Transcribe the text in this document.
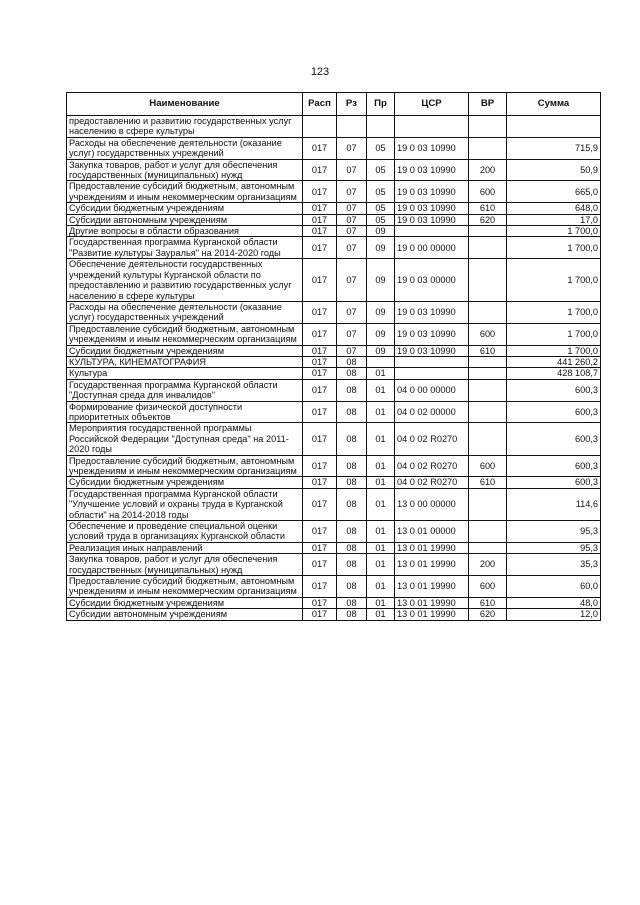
123
Наименование	Расп	Рз	Пр	ЦСР	ВР	Сумма
предоставлению и развитию государственных услуг населению в сфере культуры						
Расходы на обеспечение деятельности (оказание услуг) государственных учреждений	017	07	05	19 0 03 10990		715,9
Закупка товаров, работ и услуг для обеспечения государственных (муниципальных) нужд	017	07	05	19 0 03 10990	200	50,9
Предоставление субсидий бюджетным, автономным учреждениям и иным некоммерческим организациям	017	07	05	19 0 03 10990	600	665,0
Субсидии бюджетным учреждениям	017	07	05	19 0 03 10990	610	648,0
Субсидии автономным учреждениям	017	07	05	19 0 03 10990	620	17,0
Другие вопросы в области образования	017	07	09			1 700,0
Государственная программа Курганской области "Развитие культуры Зауралья" на 2014-2020 годы	017	07	09	19 0 00 00000		1 700,0
Обеспечение деятельности государственных учреждений культуры Курганской области по предоставлению и развитию государственных услуг населению в сфере культуры	017	07	09	19 0 03 00000		1 700,0
Расходы на обеспечение деятельности (оказание услуг) государственных учреждений	017	07	09	19 0 03 10990		1 700,0
Предоставление субсидий бюджетным, автономным учреждениям и иным некоммерческим организациям	017	07	09	19 0 03 10990	600	1 700,0
Субсидии бюджетным учреждениям	017	07	09	19 0 03 10990	610	1 700,0
КУЛЬТУРА, КИНЕМАТОГРАФИЯ	017	08				441 260,2
Культура	017	08	01			428 108,7
Государственная программа Курганской области "Доступная среда для инвалидов"	017	08	01	04 0 00 00000		600,3
Формирование физической доступности приоритетных объектов	017	08	01	04 0 02 00000		600,3
Мероприятия государственной программы Российской Федерации "Доступная среда" на 2011-2020 годы	017	08	01	04 0 02 R0270		600,3
Предоставление субсидий бюджетным, автономным учреждениям и иным некоммерческим организациям	017	08	01	04 0 02 R0270	600	600,3
Субсидии бюджетным учреждениям	017	08	01	04 0 02 R0270	610	600,3
Государственная программа Курганской области "Улучшение условий и охраны труда в Курганской области" на 2014-2018 годы	017	08	01	13 0 00 00000		114,6
Обеспечение и проведение специальной оценки условий труда в организациях Курганской области	017	08	01	13 0 01 00000		95,3
Реализация иных направлений	017	08	01	13 0 01 19990		95,3
Закупка товаров, работ и услуг для обеспечения государственных (муниципальных) нужд	017	08	01	13 0 01 19990	200	35,3
Предоставление субсидий бюджетным, автономным учреждениям и иным некоммерческим организациям	017	08	01	13 0 01 19990	600	60,0
Субсидии бюджетным учреждениям	017	08	01	13 0 01 19990	610	48,0
Субсидии автономным учреждениям	017	08	01	13 0 01 19990	620	12,0
